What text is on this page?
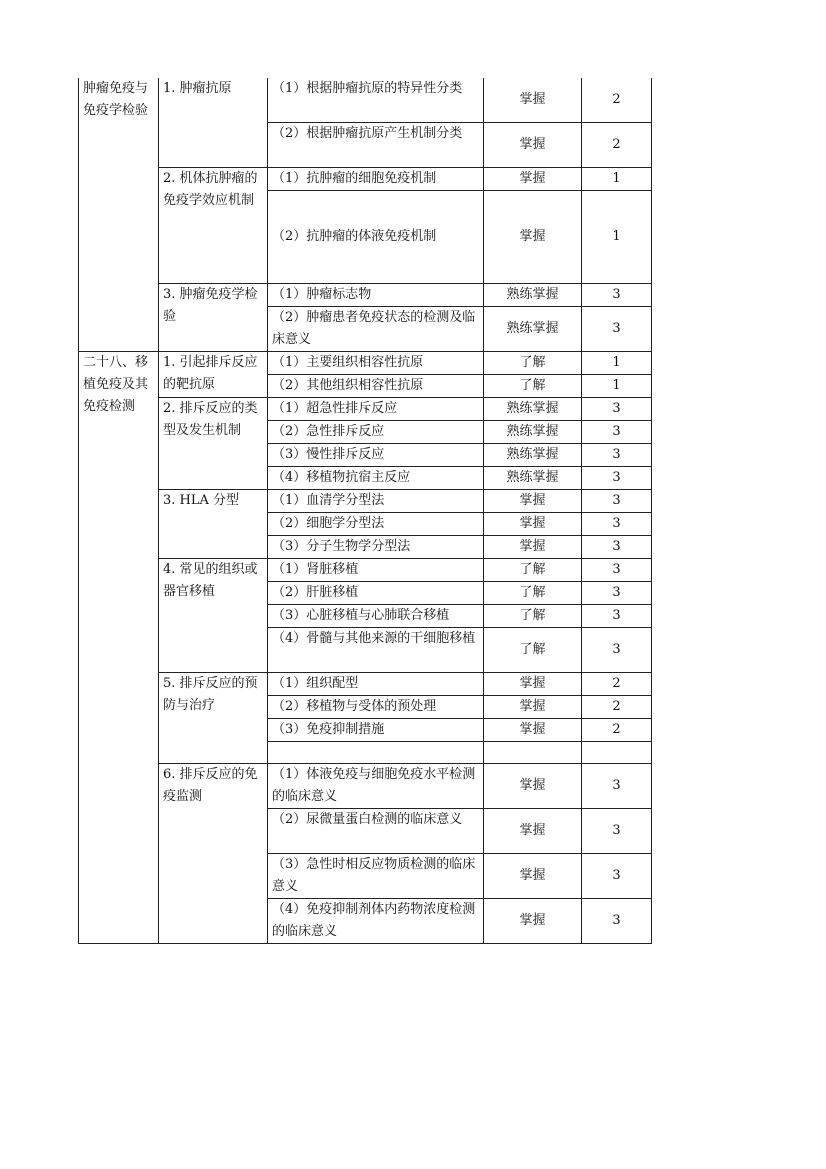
肿瘤免疫与免疫学检验	1. 肿瘤抗原	（1）根据肿瘤抗原的特异性分类	掌握	2
		（2）根据肿瘤抗原产生机制分类	掌握	2
	2. 机体抗肿瘤的免疫学效应机制	（1）抗肿瘤的细胞免疫机制	掌握	1
		（2）抗肿瘤的体液免疫机制	掌握	1
	3. 肿瘤免疫学检验	（1）肿瘤标志物	熟练掌握	3
		（2）肿瘤患者免疫状态的检测及临床意义	熟练掌握	3
二十八、移植免疫及其免疫检测	1. 引起排斥反应的靶抗原	（1）主要组织相容性抗原	了解	1
		（2）其他组织相容性抗原	了解	1
	2. 排斥反应的类型及发生机制	（1）超急性排斥反应	熟练掌握	3
		（2）急性排斥反应	熟练掌握	3
		（3）慢性排斥反应	熟练掌握	3
		（4）移植物抗宿主反应	熟练掌握	3
	3. HLA 分型	（1）血清学分型法	掌握	3
		（2）细胞学分型法	掌握	3
		（3）分子生物学分型法	掌握	3
	4. 常见的组织或器官移植	（1）肾脏移植	了解	3
		（2）肝脏移植	了解	3
		（3）心脏移植与心肺联合移植	了解	3
		（4）骨髓与其他来源的干细胞移植	了解	3
	5. 排斥反应的预防与治疗	（1）组织配型	掌握	2
		（2）移植物与受体的预处理	掌握	2
		（3）免疫抑制措施	掌握	2

	6. 排斥反应的免疫监测	（1）体液免疫与细胞免疫水平检测的临床意义	掌握	3
		（2）尿微量蛋白检测的临床意义	掌握	3
		（3）急性时相反应物质检测的临床意义	掌握	3
		（4）免疫抑制剂体内药物浓度检测的临床意义	掌握	3
